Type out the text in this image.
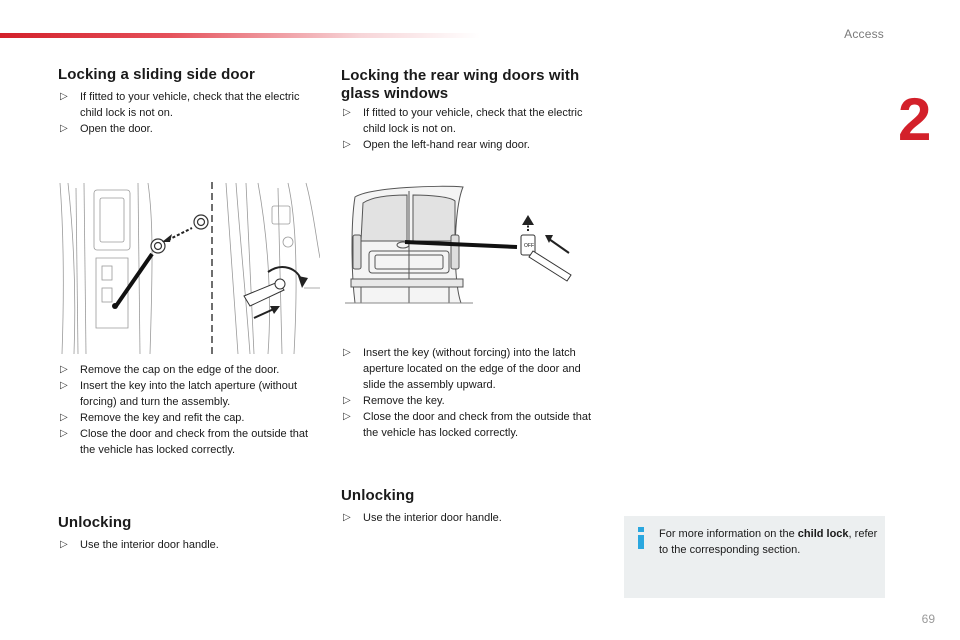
Access
2
Locking a sliding side door
▷ If fitted to your vehicle, check that the electric child lock is not on.
▷ Open the door.
▷ Remove the cap on the edge of the door.
▷ Insert the key into the latch aperture (without forcing) and turn the assembly.
▷ Remove the key and refit the cap.
▷ Close the door and check from the outside that the vehicle has locked correctly.
Unlocking
▷ Use the interior door handle.
Locking the rear wing doors with glass windows
▷ If fitted to your vehicle, check that the electric child lock is not on.
▷ Open the left-hand rear wing door.
OFF
▷ Insert the key (without forcing) into the latch aperture located on the edge of the door and slide the assembly upward.
▷ Remove the key.
▷ Close the door and check from the outside that the vehicle has locked correctly.
Unlocking
▷ Use the interior door handle.
For more information on the child lock, refer to the corresponding section.
69
